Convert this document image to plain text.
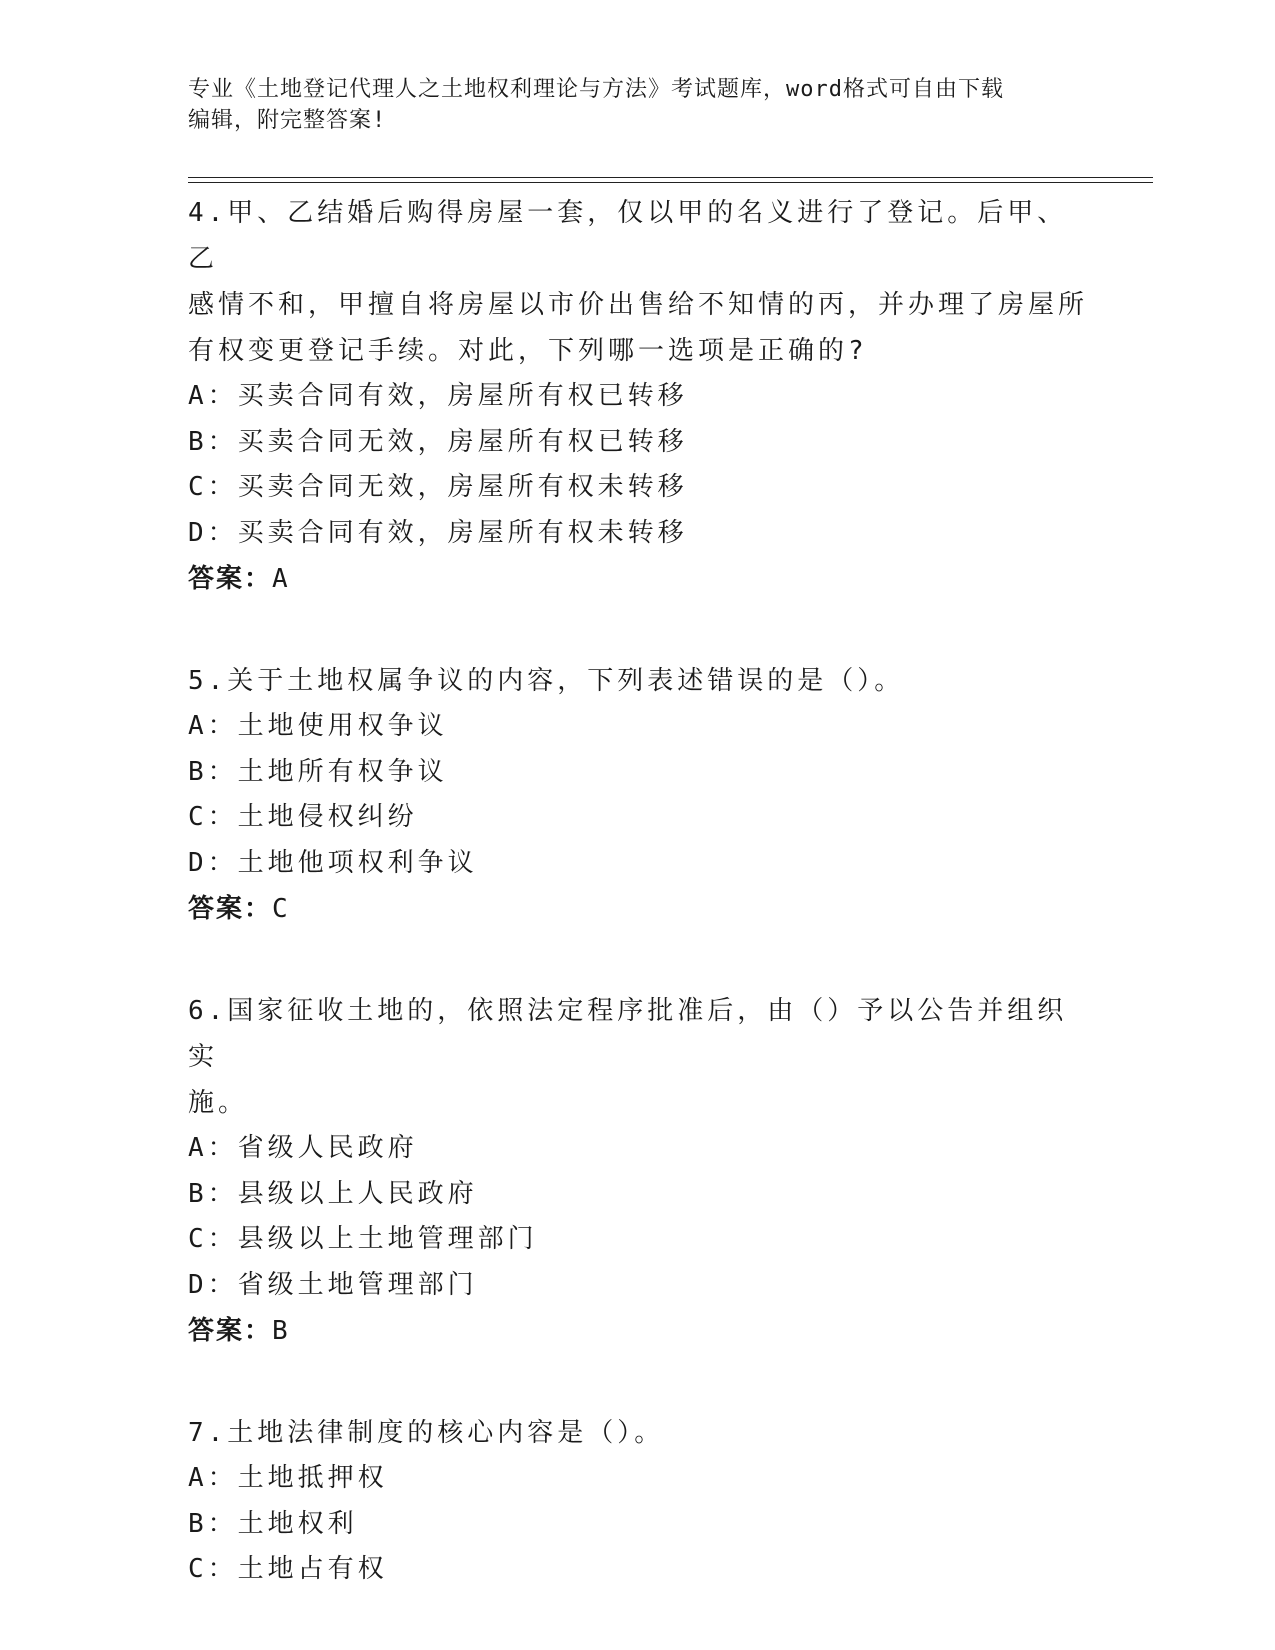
专业《土地登记代理人之土地权利理论与方法》考试题库，word格式可自由下载
编辑，附完整答案!

4.甲、乙结婚后购得房屋一套，仅以甲的名义进行了登记。后甲、乙

感情不和，甲擅自将房屋以市价出售给不知情的丙，并办理了房屋所

有权变更登记手续。对此，下列哪一选项是正确的?

A：买卖合同有效，房屋所有权已转移

B：买卖合同无效，房屋所有权已转移

C：买卖合同无效，房屋所有权未转移

D：买卖合同有效，房屋所有权未转移

答案：A

5.关于土地权属争议的内容，下列表述错误的是（）。

A：土地使用权争议

B：土地所有权争议

C：土地侵权纠纷

D：土地他项权利争议

答案：C

6.国家征收土地的，依照法定程序批准后，由（）予以公告并组织实

施。

A：省级人民政府

B：县级以上人民政府

C：县级以上土地管理部门

D：省级土地管理部门

答案：B

7.土地法律制度的核心内容是（）。

A：土地抵押权

B：土地权利

C：土地占有权
